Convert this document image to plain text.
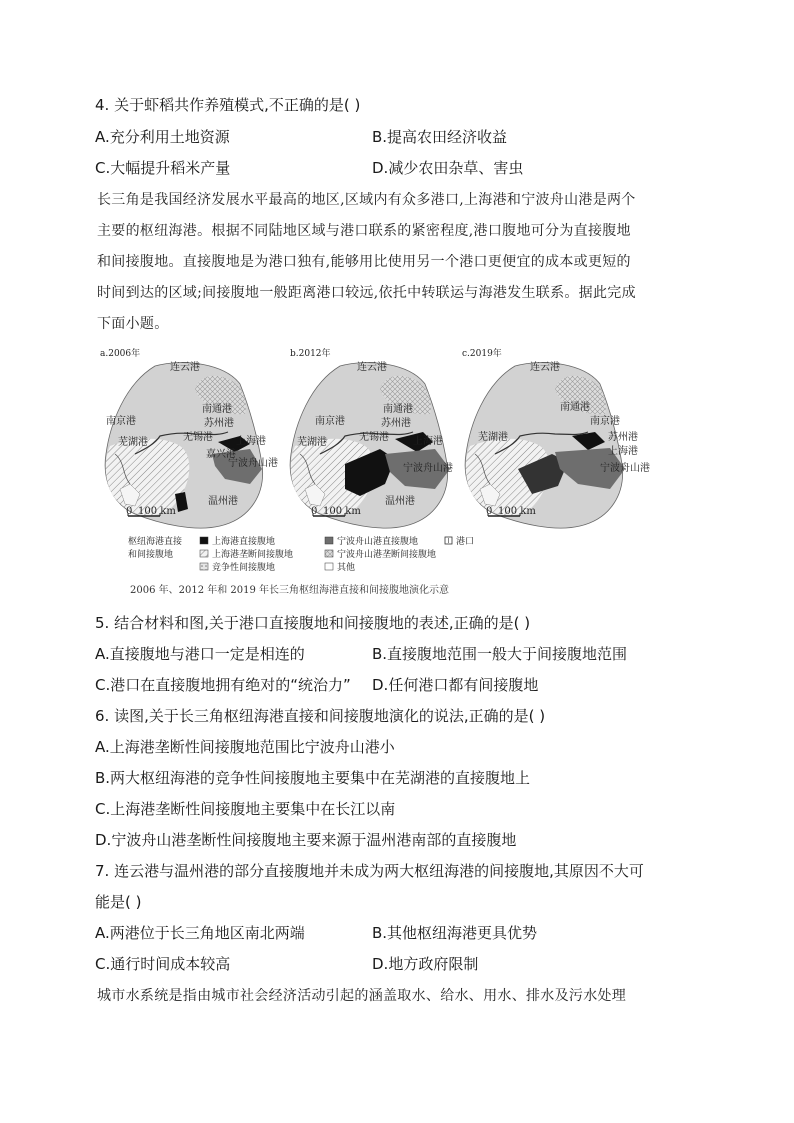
4. 关于虾稻共作养殖模式,不正确的是( )
A.充分利用土地资源	B.提高农田经济收益
C.大幅提升稻米产量	D.减少农田杂草、害虫
长三角是我国经济发展水平最高的地区,区域内有众多港口,上海港和宁波舟山港是两个
主要的枢纽海港。根据不同陆地区域与港口联系的紧密程度,港口腹地可分为直接腹地
和间接腹地。直接腹地是为港口独有,能够用比使用另一个港口更便宜的成本或更短的
时间到达的区域;间接腹地一般距离港口较远,依托中转联运与海港发生联系。据此完成
下面小题。
a.2006年
连云港
南通港
南京港	苏州港
无锡港 上海港
芜湖港
嘉兴港
宁波舟山港
温州港
0 100 km
b.2012年
连云港
南通港
南京港	苏州港
无锡港 上海港
芜湖港
宁波舟山港
温州港
0 100 km
c.2019年
连云港
南通港
南京港
苏州港
芜湖港
上海港
宁波舟山港
0 100 km
枢纽海港直接
和间接腹地
上海港直接腹地
上海港垄断间接腹地
竞争性间接腹地
宁波舟山港直接腹地
宁波舟山港垄断间接腹地
其他
港口
2006 年、2012 年和 2019 年长三角枢纽海港直接和间接腹地演化示意
5. 结合材料和图,关于港口直接腹地和间接腹地的表述,正确的是( )
A.直接腹地与港口一定是相连的	B.直接腹地范围一般大于间接腹地范围
C.港口在直接腹地拥有绝对的“统治力” D.任何港口都有间接腹地
6. 读图,关于长三角枢纽海港直接和间接腹地演化的说法,正确的是( )
A.上海港垄断性间接腹地范围比宁波舟山港小
B.两大枢纽海港的竞争性间接腹地主要集中在芜湖港的直接腹地上
C.上海港垄断性间接腹地主要集中在长江以南
D.宁波舟山港垄断性间接腹地主要来源于温州港南部的直接腹地
7. 连云港与温州港的部分直接腹地并未成为两大枢纽海港的间接腹地,其原因不大可
能是( )
A.两港位于长三角地区南北两端	B.其他枢纽海港更具优势
C.通行时间成本较高	D.地方政府限制
城市水系统是指由城市社会经济活动引起的涵盖取水、给水、用水、排水及污水处理
